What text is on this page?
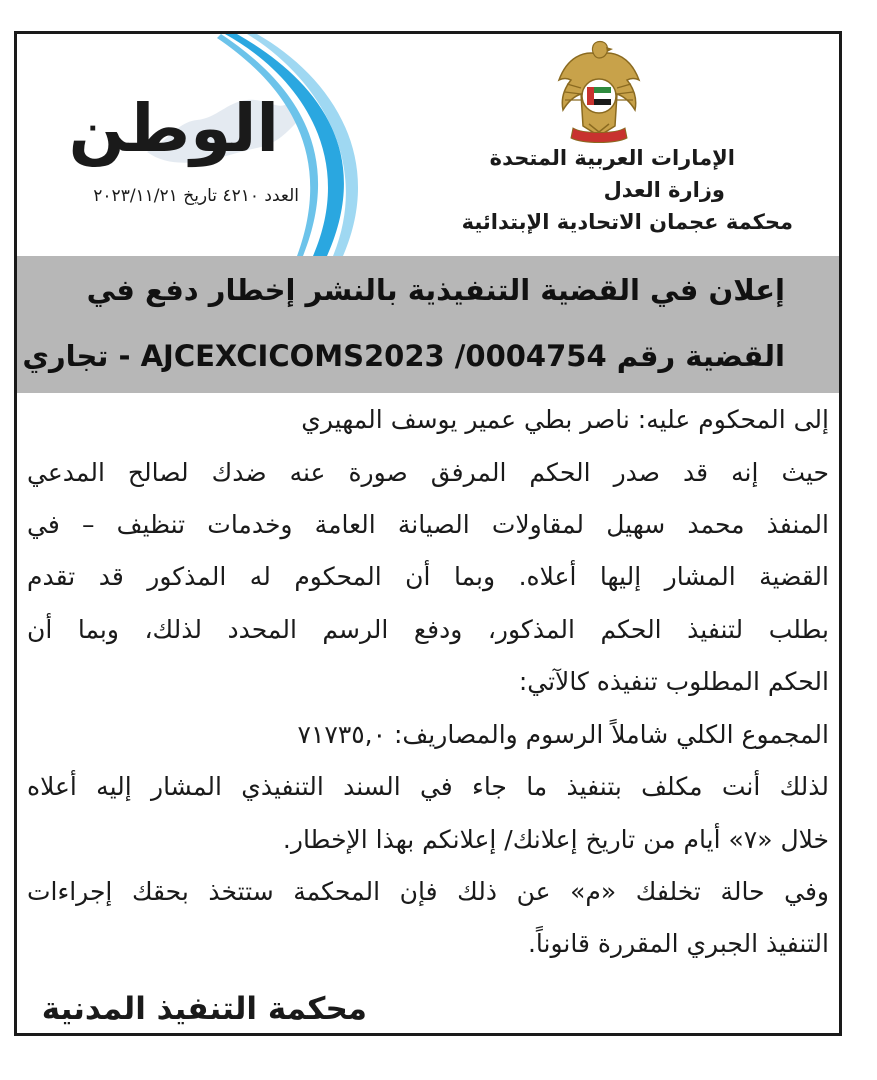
الإمارات العربية المتحدة
وزارة العدل
محكمة عجمان الاتحادية الإبتدائية
الوطن
العدد ٤٢١٠ تاريخ ٢٠٢٣/١١/٢١
إعلان في القضية التنفيذية بالنشر إخطار دفع في
القضية رقم AJCEXCICOMS2023 /0004754 - تجاري
إلى المحكوم عليه: ناصر بطي عمير يوسف المهيري
حيث إنه قد صدر الحكم المرفق صورة عنه ضدك لصالح المدعي
المنفذ محمد سهيل لمقاولات الصيانة العامة وخدمات تنظيف – في
القضية المشار إليها أعلاه. وبما أن المحكوم له المذكور قد تقدم
بطلب لتنفيذ الحكم المذكور، ودفع الرسم المحدد لذلك، وبما أن
الحكم المطلوب تنفيذه كالآتي:
المجموع الكلي شاملاً الرسوم والمصاريف: ٧١٧٣٥,٠
لذلك أنت مكلف بتنفيذ ما جاء في السند التنفيذي المشار إليه أعلاه
خلال «٧» أيام من تاريخ إعلانك/ إعلانكم بهذا الإخطار.
وفي حالة تخلفك «م» عن ذلك فإن المحكمة ستتخذ بحقك إجراءات
التنفيذ الجبري المقررة قانوناً.
محكمة التنفيذ المدنية
